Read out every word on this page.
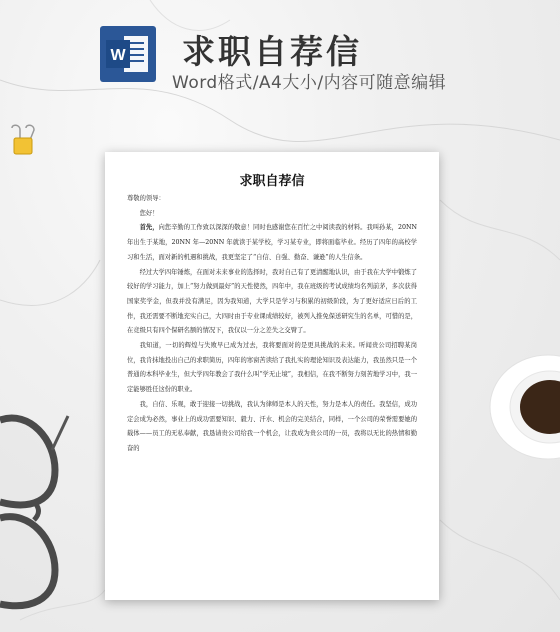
W 求职自荐信
Word格式/A4大小/内容可随意编辑
求职自荐信

尊敬的领导：

您好！

首先，向您辛勤的工作致以深深的敬意！同时也感谢您在百忙之中阅读我的材料。我叫孙某，20NN 年出生于某地，20NN 年—20NN 年就读于某学校，学习某专业，即将面临毕业。经历了四年的高校学习和生活，面对新的机遇和挑战，我更坚定了“自信、自强、勤奋、谦逊”的人生信条。

经过大学四年锤炼，在面对未来事业的选择时，我对自己有了更清醒地认识，由于我在大学中锻炼了较好的学习能力，加上“努力做到最好”的天性使然，四年中，我在班级的考试成绩均名列前茅，多次获得国家奖学金，但我并没有满足，因为我知道，大学只是学习与积累的初级阶段，为了更好适应日后的工作，我还需要不断地充实自己，大四时由于专业课成绩较好，被列入推免保送研究生的名单，可惜的是，在竞级只有四个保研名额的情况下，我仅以一分之差失之交臂了。

我知道，一切的辉煌与失败早已成为过去，我将要面对的是更具挑战的未来。听闻贵公司招聘某岗位，我肯抹地投出自己的求职简历，四年的寒窗苦读给了我扎实的理论知识及表达能力，我虽然只是一个普通的本科毕业生，但大学四年教会了我什么叫“学无止境”，我相信，在我不断努力刻苦地学习中，我一定能够胜任这份的职业。

我，自信、乐观，敢于迎接一切挑战，我认为律师是本人的天性，努力是本人的责任。我坚信，成功定会成为必然，事业上的成功需要知识、毅力、汗水、机会的完美结合，同样，一个公司的荣誉需要她的载体——员工的无私奉献，我恳请贵公司给我一个机会，让我成为贵公司的一员，我将以无比的热情和勤奋的
